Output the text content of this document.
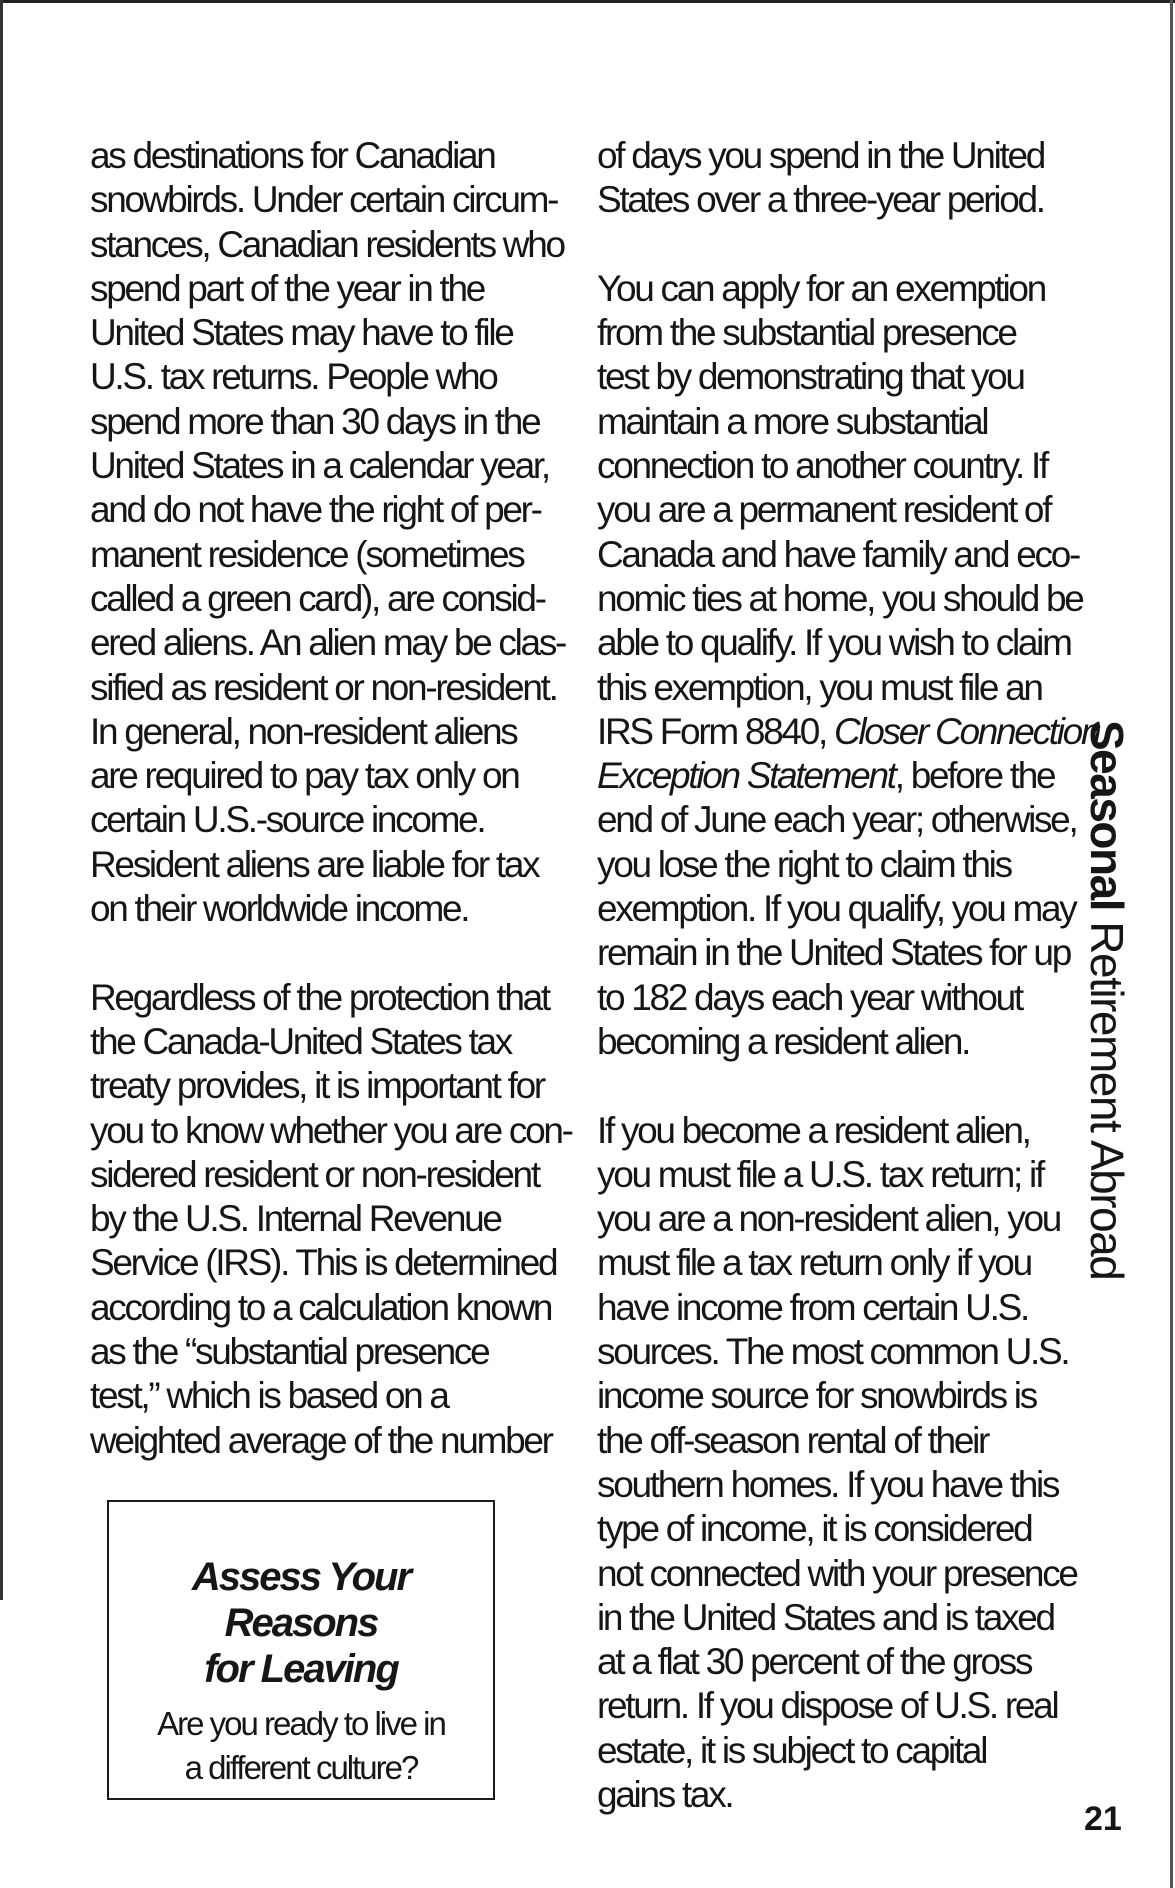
as destinations for Canadian
snowbirds. Under certain circum-
stances, Canadian residents who
spend part of the year in the
United States may have to file
U.S. tax returns. People who
spend more than 30 days in the
United States in a calendar year,
and do not have the right of per-
manent residence (sometimes
called a green card), are consid-
ered aliens. An alien may be clas-
sified as resident or non-resident.
In general, non-resident aliens
are required to pay tax only on
certain U.S.-source income.
Resident aliens are liable for tax
on their worldwide income.
Regardless of the protection that
the Canada-United States tax
treaty provides, it is important for
you to know whether you are con-
sidered resident or non-resident
by the U.S. Internal Revenue
Service (IRS). This is determined
according to a calculation known
as the “substantial presence
test,” which is based on a
weighted average of the number
of days you spend in the United
States over a three-year period.
You can apply for an exemption
from the substantial presence
test by demonstrating that you
maintain a more substantial
connection to another country. If
you are a permanent resident of
Canada and have family and eco-
nomic ties at home, you should be
able to qualify. If you wish to claim
this exemption, you must file an
IRS Form 8840, Closer Connection
Exception Statement, before the
end of June each year; otherwise,
you lose the right to claim this
exemption. If you qualify, you may
remain in the United States for up
to 182 days each year without
becoming a resident alien.
If you become a resident alien,
you must file a U.S. tax return; if
you are a non-resident alien, you
must file a tax return only if you
have income from certain U.S.
sources. The most common U.S.
income source for snowbirds is
the off-season rental of their
southern homes. If you have this
type of income, it is considered
not connected with your presence
in the United States and is taxed
at a flat 30 percent of the gross
return. If you dispose of U.S. real
estate, it is subject to capital
gains tax.
Assess Your Reasons
for Leaving
Are you ready to live in
a different culture?
Seasonal Retirement Abroad
21
